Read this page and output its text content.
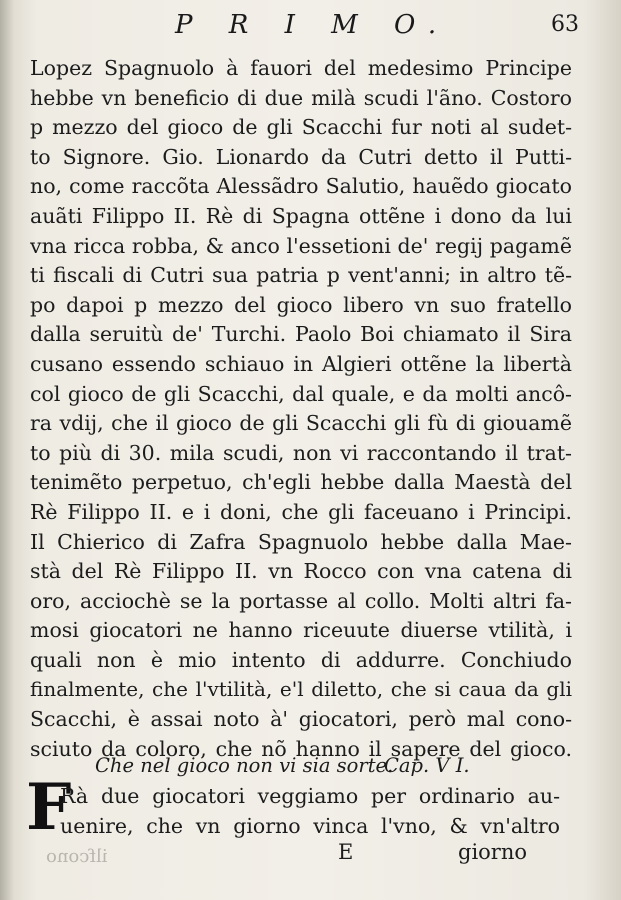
P R I M O.	63
Lopez Spagnuolo à fauori del medesimo Principe
hebbe vn beneficio di due milà scudi l'ãno. Costoro
p mezzo del gioco de gli Scacchi fur noti al sudet-
to Signore. Gio. Lionardo da Cutri detto il Putti-
no, come raccõta Alessãdro Salutio, hauẽdo giocato
auãti Filippo II. Rè di Spagna ottẽne i dono da lui
vna ricca robba, & anco l'essetioni de' regij pagamẽ
ti fiscali di Cutri sua patria p vent'anni; in altro tẽ-
po dapoi p mezzo del gioco libero vn suo fratello
dalla seruitù de' Turchi. Paolo Boi chiamato il Sira
cusano essendo schiauo in Algieri ottẽne la libertà
col gioco de gli Scacchi, dal quale, e da molti ancô-
ra vdij, che il gioco de gli Scacchi gli fù di giouamẽ
to più di 30. mila scudi, non vi raccontando il trat-
tenimẽto perpetuo, ch'egli hebbe dalla Maestà del
Rè Filippo II. e i doni, che gli faceuano i Principi.
Il Chierico di Zafra Spagnuolo hebbe dalla Mae-
stà del Rè Filippo II. vn Rocco con vna catena di
oro, acciochè se la portasse al collo. Molti altri fa-
mosi giocatori ne hanno riceuute diuerse vtilità, i
quali non è mio intento di addurre. Conchiudo
finalmente, che l'vtilità, e'l diletto, che si caua da gli
Scacchi, è assai noto à' giocatori, però mal cono-
sciuto da coloro, che nõ hanno il sapere del gioco.
Che nel gioco non vi sia sorte.
Cap. V I.
F
Rà due giocatori veggiamo per ordinario au-
uenire, che vn giorno vinca l'vno, & vn'altro
ilfcono	E	giorno
